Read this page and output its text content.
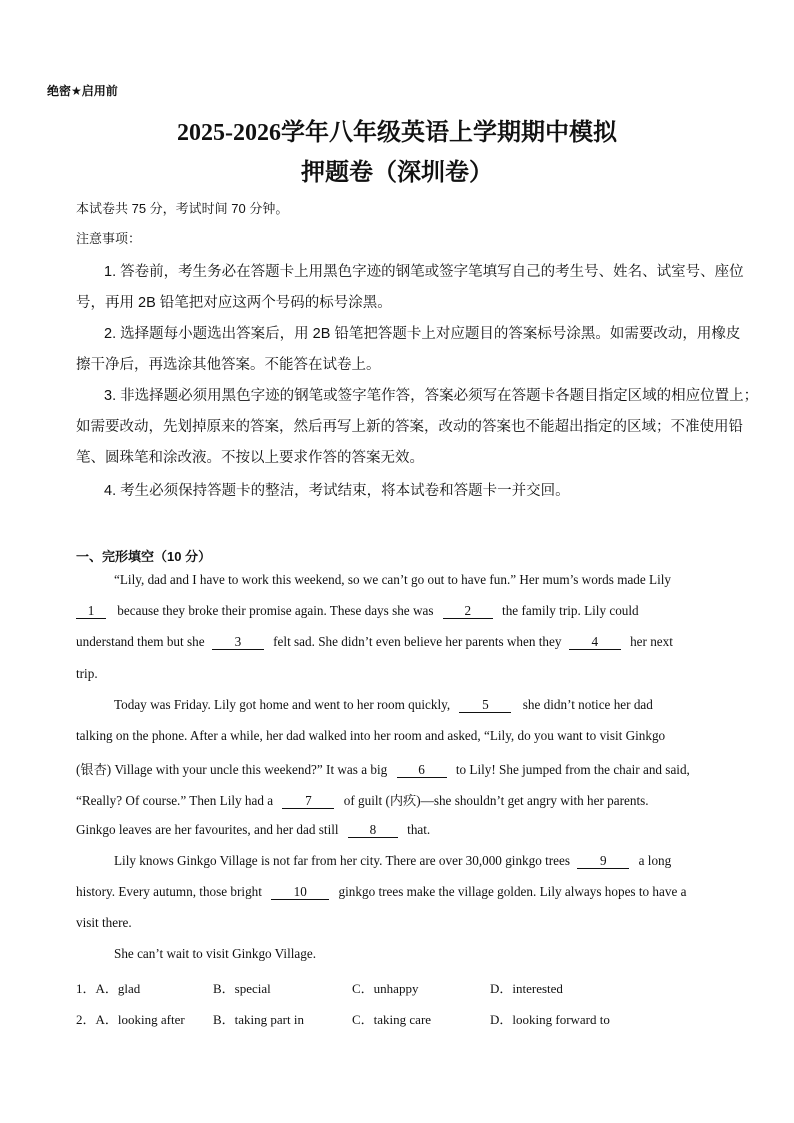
绝密★启用前
2025-2026学年八年级英语上学期期中模拟
押题卷（深圳卷）
本试卷共 75 分，考试时间 70 分钟。
注意事项：
1. 答卷前，考生务必在答题卡上用黑色字迹的钢笔或签字笔填写自己的考生号、姓名、试室号、座位
号，再用 2B 铅笔把对应这两个号码的标号涂黑。
2. 选择题每小题选出答案后，用 2B 铅笔把答题卡上对应题目的答案标号涂黑。如需要改动，用橡皮
擦干净后，再选涂其他答案。不能答在试卷上。
3. 非选择题必须用黑色字迹的钢笔或签字笔作答，答案必须写在答题卡各题目指定区域的相应位置上；
如需要改动，先划掉原来的答案，然后再写上新的答案，改动的答案也不能超出指定的区域；不准使用铅
笔、圆珠笔和涂改液。不按以上要求作答的答案无效。
4. 考生必须保持答题卡的整洁，考试结束，将本试卷和答题卡一并交回。
一、完形填空（10 分）
“Lily, dad and I have to work this weekend, so we can’t go out to have fun.” Her mum’s words made Lily
1 because they broke their promise again. These days she was 2 the family trip. Lily could
understand them but she 3 felt sad. She didn’t even believe her parents when they 4 her next
trip.
Today was Friday. Lily got home and went to her room quickly, 5	she didn’t notice her dad
talking on the phone. After a while, her dad walked into her room and asked, “Lily, do you want to visit Ginkgo
(银杏) Village with your uncle this weekend?” It was a big 6 to Lily! She jumped from the chair and said,
“Really? Of course.” Then Lily had a 7 of guilt (内疚)—she shouldn’t get angry with her parents.
Ginkgo leaves are her favourites, and her dad still 8 that.
Lily knows Ginkgo Village is not far from her city. There are over 30,000 ginkgo trees 9 a long
history. Every autumn, those bright 10 ginkgo trees make the village golden. Lily always hopes to have a
visit there.
She can’t wait to visit Ginkgo Village.
1．A．glad	B．special	C．unhappy	D．interested
2．A．looking after B．taking part in	C．taking care	D．looking forward to
